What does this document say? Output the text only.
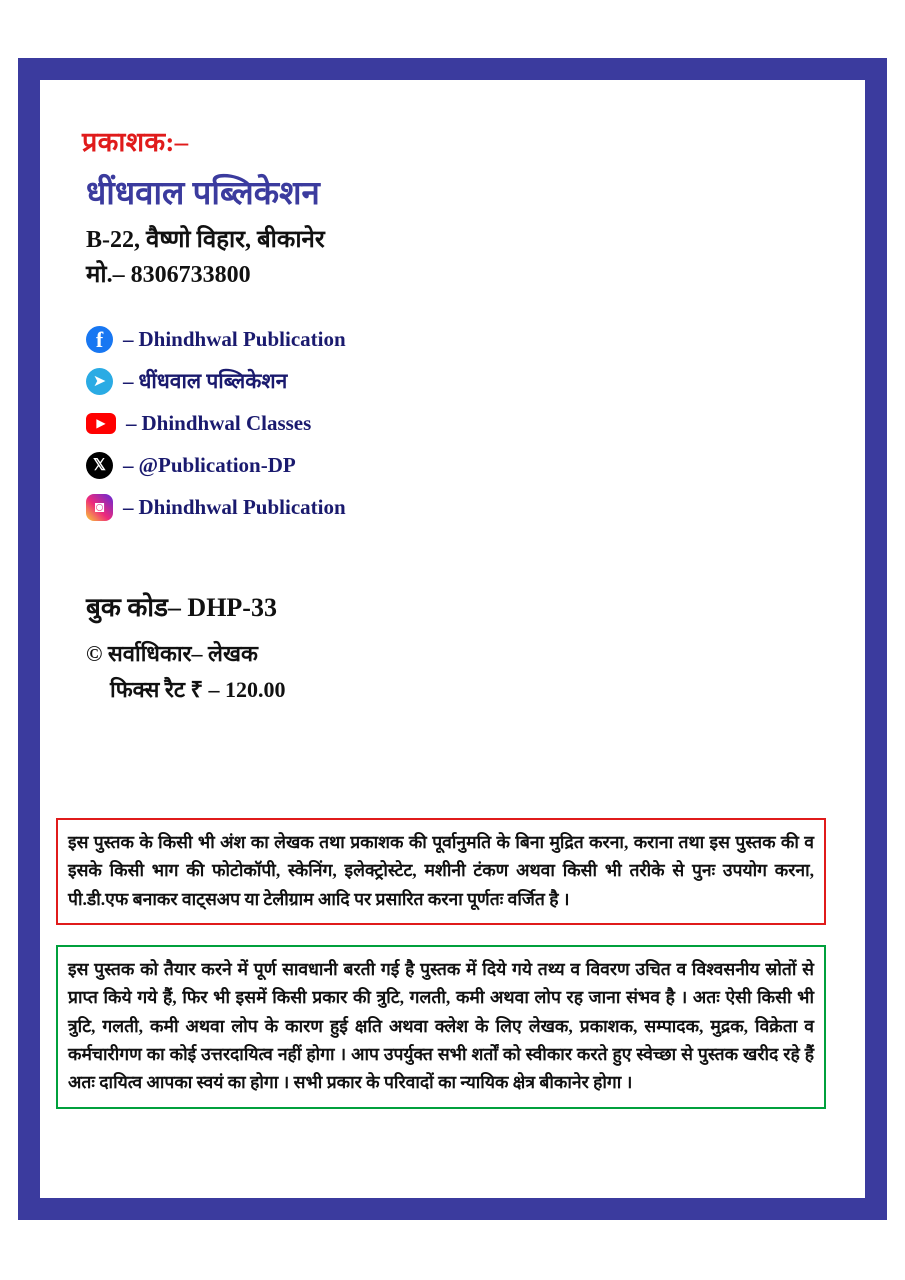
प्रकाशक:–
धींधवाल पब्लिकेशन
B-22, वैष्णो विहार, बीकानेर
मो.– 8306733800
f – Dhindhwal Publication
➤ – धींधवाल पब्लिकेशन
▶ – Dhindhwal Classes
𝕏 – @Publication-DP
◙ – Dhindhwal Publication
बुक कोड– DHP-33
© सर्वाधिकार– लेखक
फिक्स रैट ₹ – 120.00

इस पुस्तक के किसी भी अंश का लेखक तथा प्रकाशक की पूर्वानुमति के बिना मुद्रित करना, कराना तथा इस पुस्तक की व इसके किसी भाग की फोटोकॉपी, स्केनिंग, इलेक्ट्रोस्टेट, मशीनी टंकण अथवा किसी भी तरीके से पुनः उपयोग करना, पी.डी.एफ बनाकर वाट्सअप या टेलीग्राम आदि पर प्रसारित करना पूर्णतः वर्जित है ।

इस पुस्तक को तैयार करने में पूर्ण सावधानी बरती गई है पुस्तक में दिये गये तथ्य व विवरण उचित व विश्वसनीय स्रोतों से प्राप्त किये गये हैं, फिर भी इसमें किसी प्रकार की त्रुटि, गलती, कमी अथवा लोप रह जाना संभव है । अतः ऐसी किसी भी त्रुटि, गलती, कमी अथवा लोप के कारण हुई क्षति अथवा क्लेश के लिए लेखक, प्रकाशक, सम्पादक, मुद्रक, विक्रेता व कर्मचारीगण का कोई उत्तरदायित्व नहीं होगा । आप उपर्युक्त सभी शर्तों को स्वीकार करते हुए स्वेच्छा से पुस्तक खरीद रहे हैं अतः दायित्व आपका स्वयं का होगा । सभी प्रकार के परिवादों का न्यायिक क्षेत्र बीकानेर होगा ।
